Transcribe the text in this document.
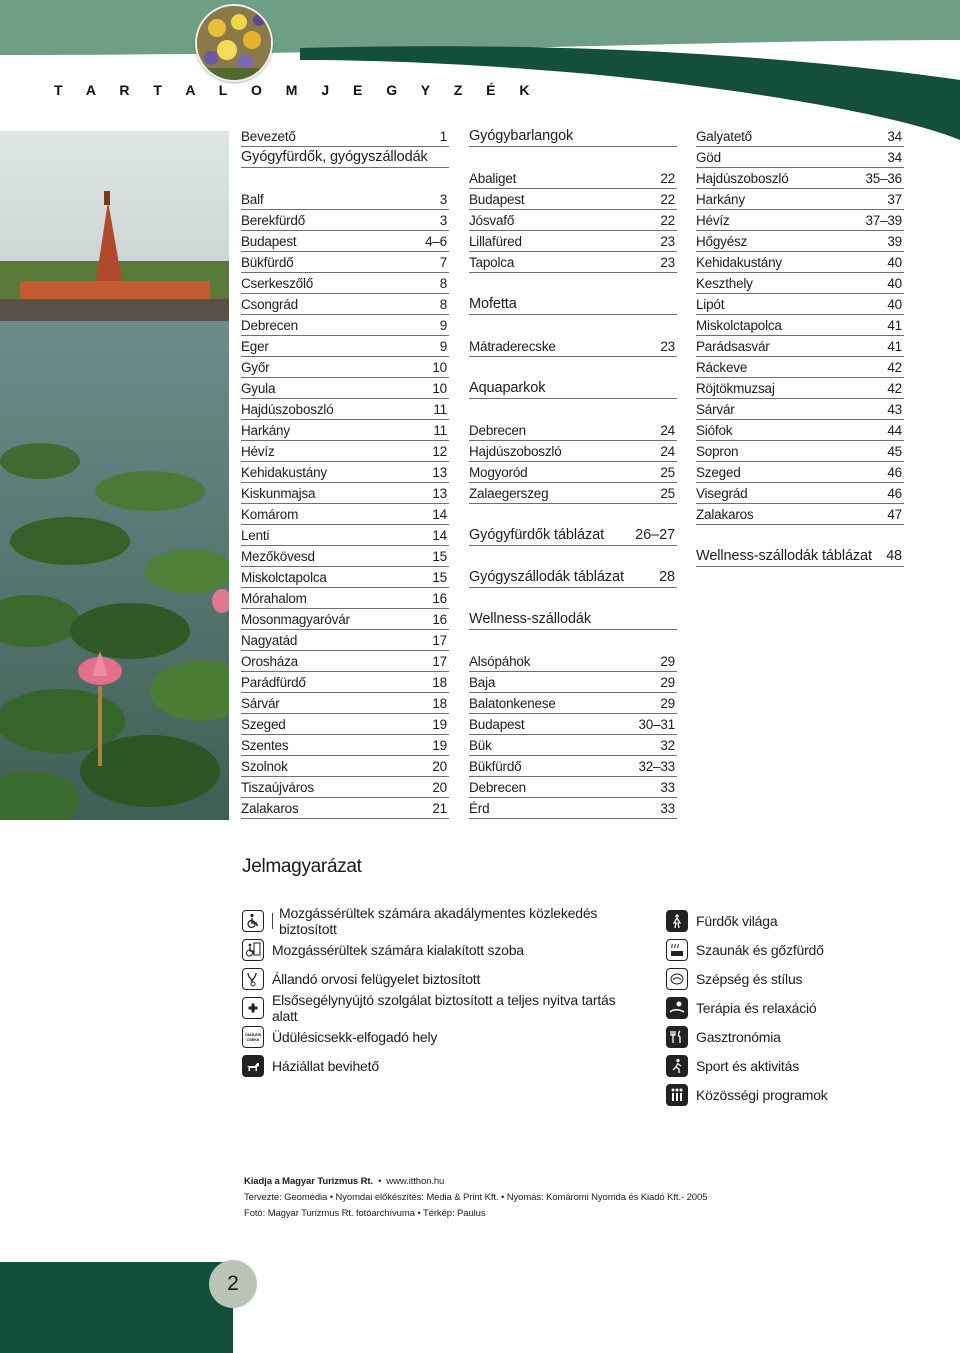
T A R T A L O M J E G Y Z É K
Bevezető	1
Gyógyfürdők, gyógyszállodák
Balf	3
Berekfürdő	3
Budapest	4–6
Bükfürdő	7
Cserkeszőlő	8
Csongrád	8
Debrecen	9
Eger	9
Győr	10
Gyula	10
Hajdúszoboszló	11
Harkány	11
Hévíz	12
Kehidakustány	13
Kiskunmajsa	13
Komárom	14
Lenti	14
Mezőkövesd	15
Miskolctapolca	15
Mórahalom	16
Mosonmagyaróvár	16
Nagyatád	17
Orosháza	17
Parádfürdő	18
Sárvár	18
Szeged	19
Szentes	19
Szolnok	20
Tiszaújváros	20
Zalakaros	21
Gyógybarlangok
Abaliget	22
Budapest	22
Jósvafő	22
Lillafüred	23
Tapolca	23
Mofetta
Mátraderecske	23
Aquaparkok
Debrecen	24
Hajdúszoboszló	24
Mogyoród	25
Zalaegerszeg	25
Gyógyfürdők táblázat 26–27
Gyógyszállodák táblázat 28
Wellness-szállodák
Alsópáhok	29
Baja	29
Balatonkenese	29
Budapest	30–31
Bük	32
Bükfürdő	32–33
Debrecen	33
Érd	33
Galyatető	34
Göd	34
Hajdúszoboszló	35–36
Harkány	37
Hévíz	37–39
Hőgyész	39
Kehidakustány	40
Keszthely	40
Lipót	40
Miskolctapolca	41
Parádsasvár	41
Ráckeve	42
Röjtökmuzsaj	42
Sárvár	43
Siófok	44
Sopron	45
Szeged	46
Visegrád	46
Zalakaros	47
Wellness-szállodák táblázat 48
Jelmagyarázat
Mozgássérültek számára akadálymentes közlekedés biztosított
Mozgássérültek számára kialakított szoba
Állandó orvosi felügyelet biztosított
Elsősegélynyújtó szolgálat biztosított a teljes nyitva tartás alatt
ÜDÜLÉSI CSEKK Üdülésicsekk-elfogadó hely
Háziállat bevihető
Fürdők világa
Szaunák és gőzfürdő
Szépség és stílus
Terápia és relaxáció
Gasztronómia
Sport és aktivitás
Közösségi programok
Kiadja a Magyar Turizmus Rt.  •  www.itthon.hu
Tervezte: Geomédia • Nyomdai előkészítés: Media & Print Kft. • Nyomás: Komáromi Nyomda és Kiadó Kft.- 2005
Fotó: Magyar Turizmus Rt. fotóarchívuma • Térkép: Paulus
2
